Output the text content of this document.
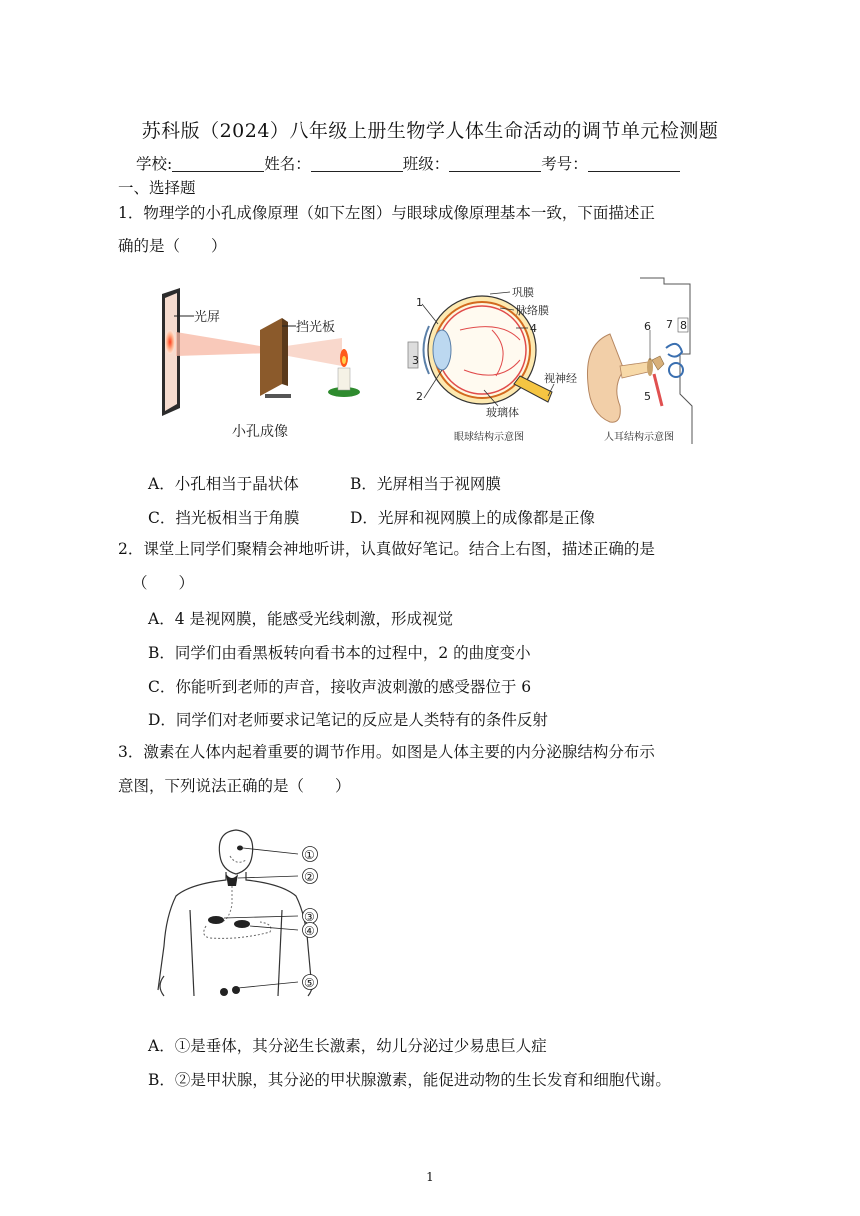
苏科版（2024）八年级上册生物学人体生命活动的调节单元检测题
学校:	姓名：	班级：	考号：
一、选择题
1．物理学的小孔成像原理（如下左图）与眼球成像原理基本一致，下面描述正
确的是（　　）
光屏
挡光板
小孔成像
巩膜
脉络膜
4
视神经
玻璃体
1
3
2
眼球结构示意图
6 7 8
5
人耳结构示意图
A．小孔相当于晶状体	B．光屏相当于视网膜
C．挡光板相当于角膜	D．光屏和视网膜上的成像都是正像
2．课堂上同学们聚精会神地听讲，认真做好笔记。结合上右图，描述正确的是
（　　）
A．4 是视网膜，能感受光线刺激，形成视觉
B．同学们由看黑板转向看书本的过程中，2 的曲度变小
C．你能听到老师的声音，接收声波刺激的感受器位于 6
D．同学们对老师要求记笔记的反应是人类特有的条件反射
3．激素在人体内起着重要的调节作用。如图是人体主要的内分泌腺结构分布示
意图，下列说法正确的是（　　）
①
②
③
④
⑤
A．①是垂体，其分泌生长激素，幼儿分泌过少易患巨人症
B．②是甲状腺，其分泌的甲状腺激素，能促进动物的生长发育和细胞代谢。
1
